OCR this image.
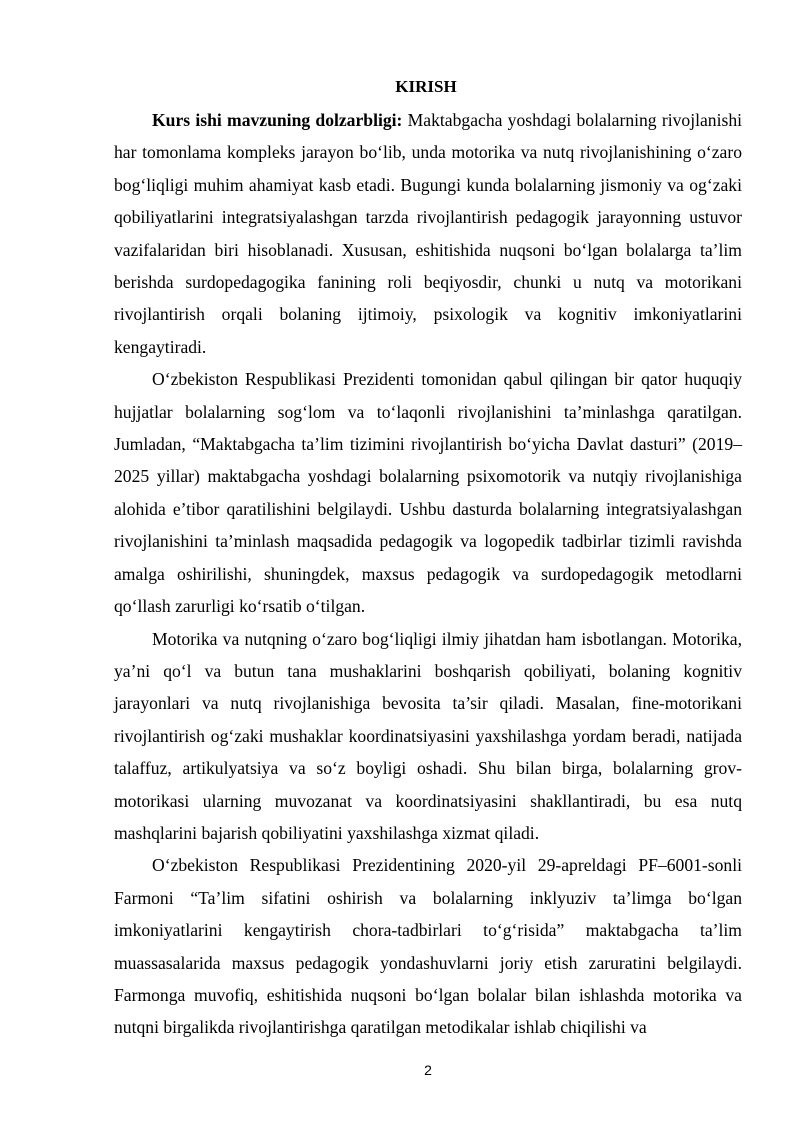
KIRISH

Kurs ishi mavzuning dolzarbligi: Maktabgacha yoshdagi bolalarning rivojlanishi har tomonlama kompleks jarayon bo‘lib, unda motorika va nutq rivojlanishining o‘zaro bog‘liqligi muhim ahamiyat kasb etadi. Bugungi kunda bolalarning jismoniy va og‘zaki qobiliyatlarini integratsiyalashgan tarzda rivojlantirish pedagogik jarayonning ustuvor vazifalaridan biri hisoblanadi. Xususan, eshitishida nuqsoni bo‘lgan bolalarga ta’lim berishda surdopedagogika fanining roli beqiyosdir, chunki u nutq va motorikani rivojlantirish orqali bolaning ijtimoiy, psixologik va kognitiv imkoniyatlarini kengaytiradi.

O‘zbekiston Respublikasi Prezidenti tomonidan qabul qilingan bir qator huquqiy hujjatlar bolalarning sog‘lom va to‘laqonli rivojlanishini ta’minlashga qaratilgan. Jumladan, “Maktabgacha ta’lim tizimini rivojlantirish bo‘yicha Davlat dasturi” (2019–2025 yillar) maktabgacha yoshdagi bolalarning psixomotorik va nutqiy rivojlanishiga alohida e’tibor qaratilishini belgilaydi. Ushbu dasturda bolalarning integratsiyalashgan rivojlanishini ta’minlash maqsadida pedagogik va logopedik tadbirlar tizimli ravishda amalga oshirilishi, shuningdek, maxsus pedagogik va surdopedagogik metodlarni qo‘llash zarurligi ko‘rsatib o‘tilgan.

Motorika va nutqning o‘zaro bog‘liqligi ilmiy jihatdan ham isbotlangan. Motorika, ya’ni qo‘l va butun tana mushaklarini boshqarish qobiliyati, bolaning kognitiv jarayonlari va nutq rivojlanishiga bevosita ta’sir qiladi. Masalan, fine-motorikani rivojlantirish og‘zaki mushaklar koordinatsiyasini yaxshilashga yordam beradi, natijada talaffuz, artikulyatsiya va so‘z boyligi oshadi. Shu bilan birga, bolalarning grov-motorikasi ularning muvozanat va koordinatsiyasini shakllantiradi, bu esa nutq mashqlarini bajarish qobiliyatini yaxshilashga xizmat qiladi.

O‘zbekiston Respublikasi Prezidentining 2020-yil 29-apreldagi PF–6001-sonli Farmoni “Ta’lim sifatini oshirish va bolalarning inklyuziv ta’limga bo‘lgan imkoniyatlarini kengaytirish chora-tadbirlari to‘g‘risida” maktabgacha ta’lim muassasalarida maxsus pedagogik yondashuvlarni joriy etish zaruratini belgilaydi. Farmonga muvofiq, eshitishida nuqsoni bo‘lgan bolalar bilan ishlashda motorika va nutqni birgalikda rivojlantirishga qaratilgan metodikalar ishlab chiqilishi va

2
